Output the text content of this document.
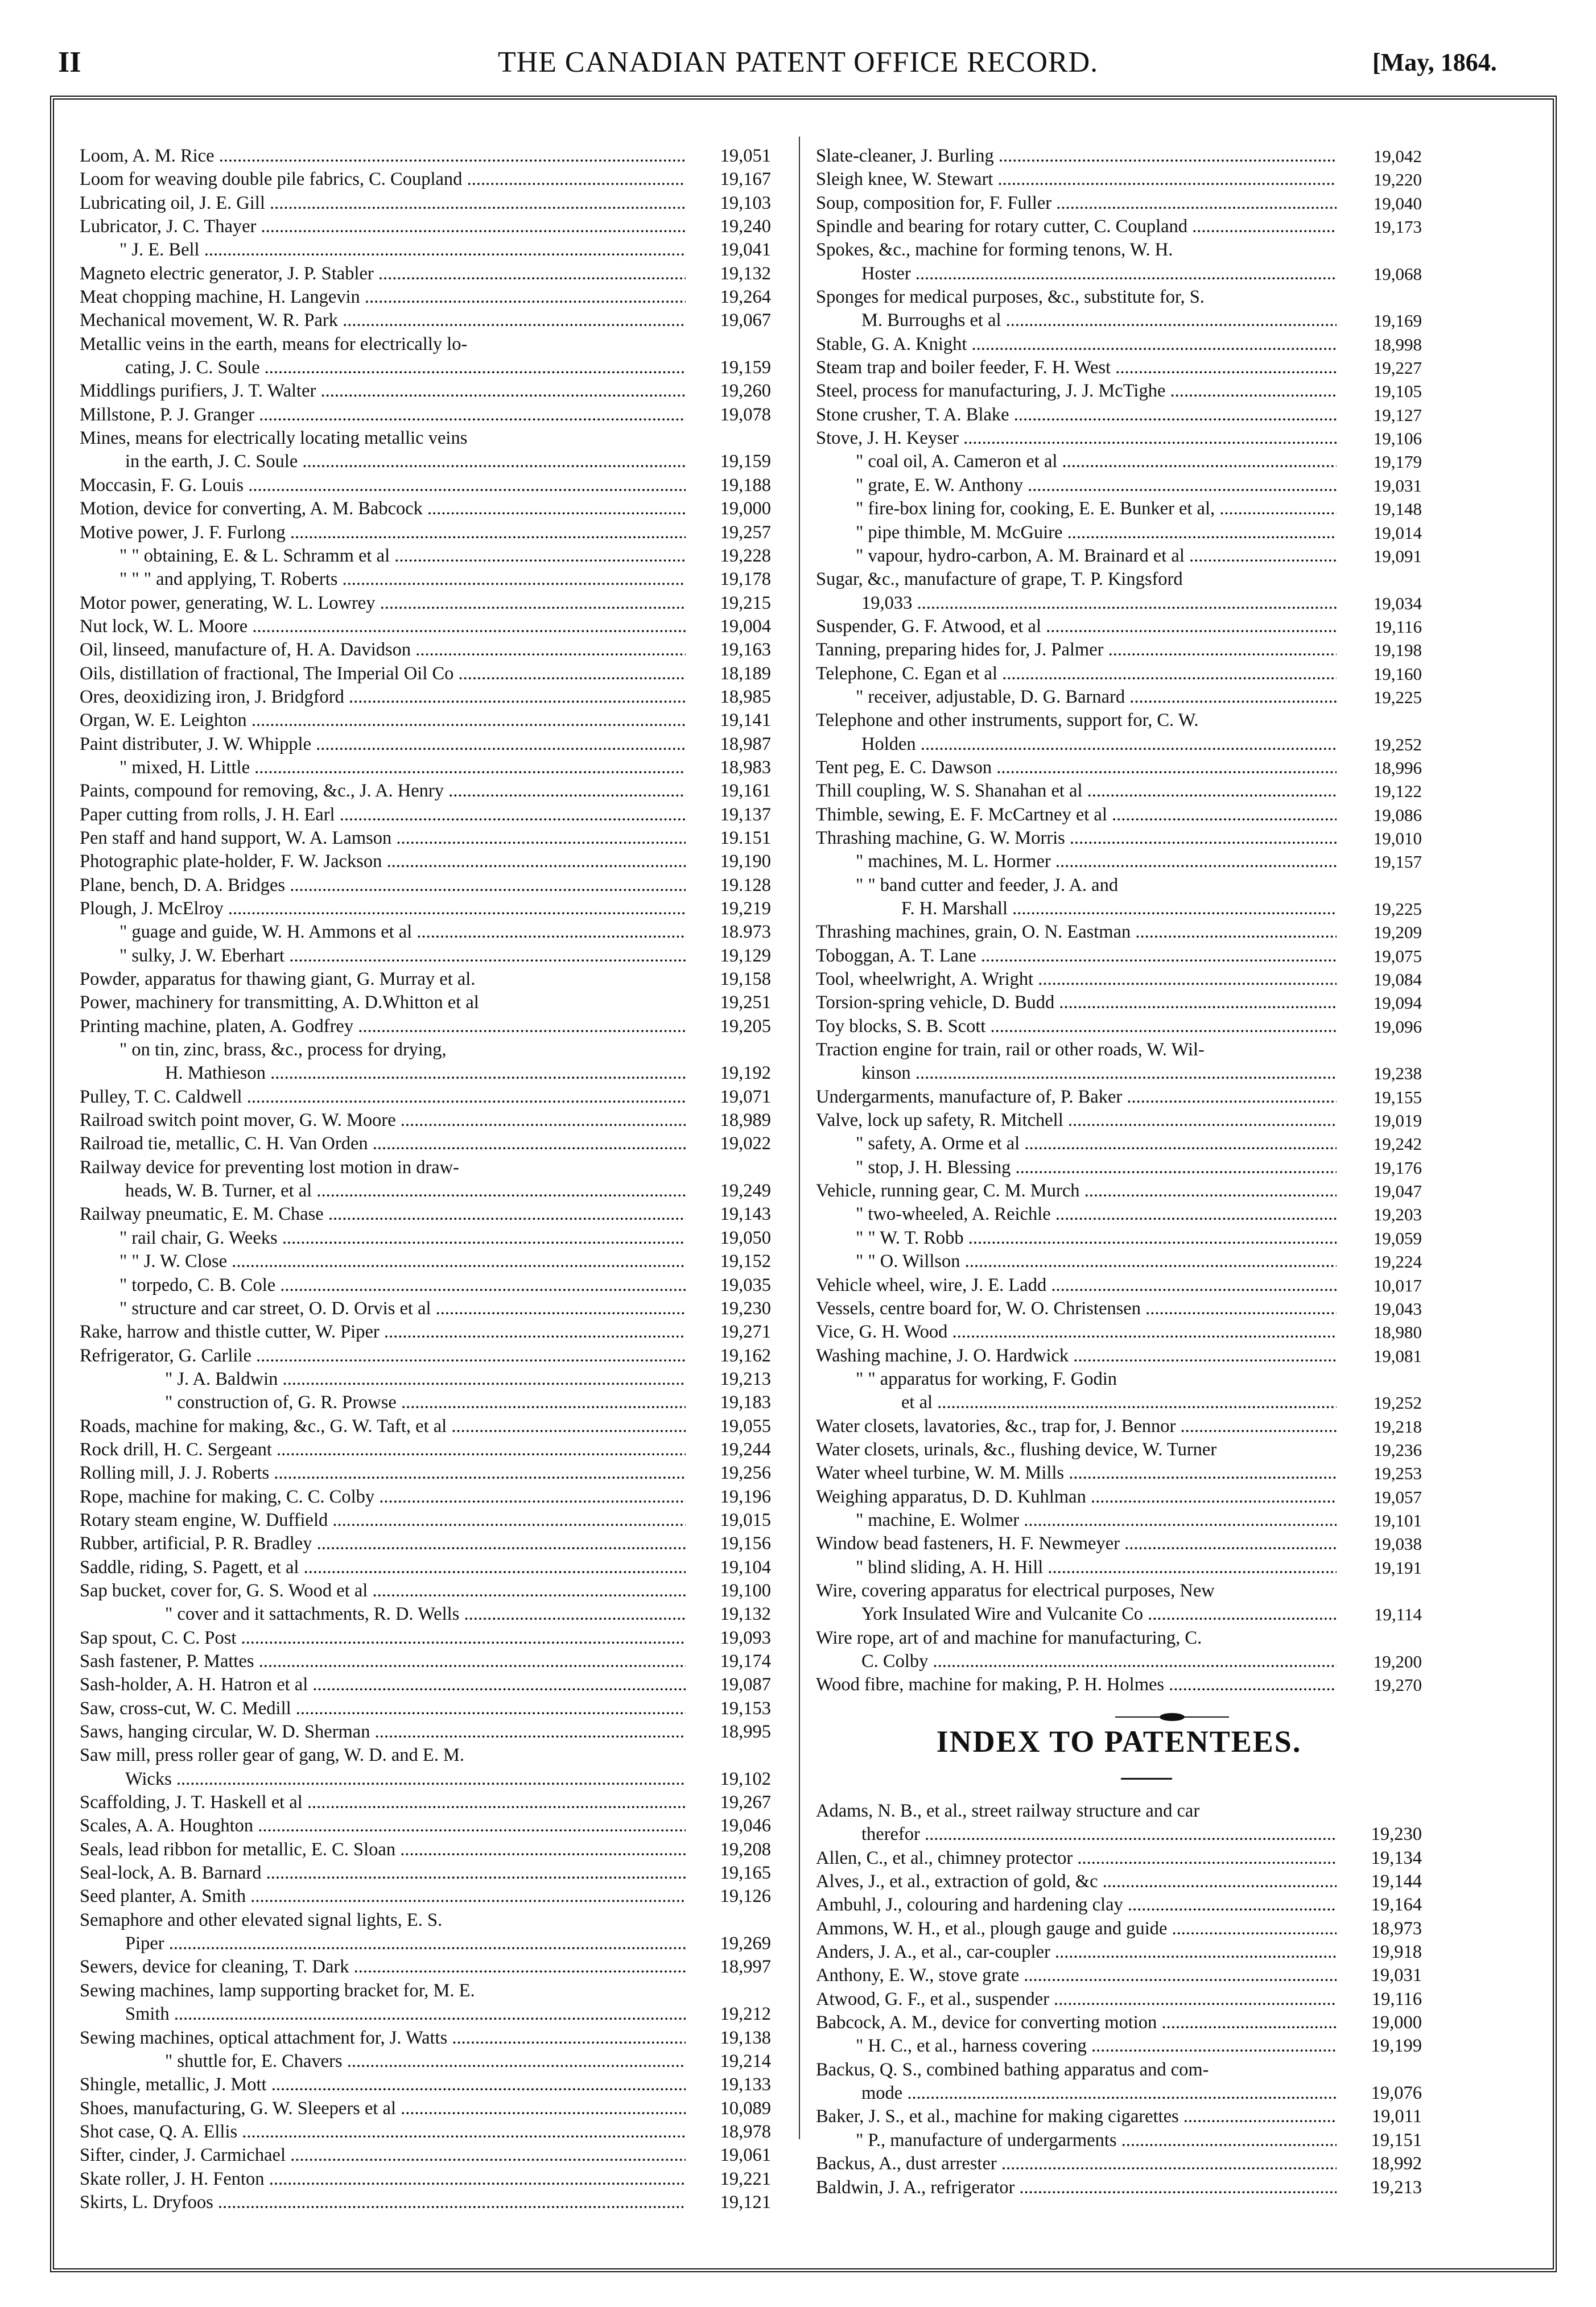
II	THE CANADIAN PATENT OFFICE RECORD.	[May, 1864.
Loom, A. M. Rice .....	19,051
Loom for weaving double pile fabrics, C. Coupland .....	19,167
Lubricating oil, J. E. Gill .....	19,103
Lubricator, J. C. Thayer .....	19,240
" J. E. Bell .....	19,041
Magneto electric generator, J. P. Stabler .....	19,132
Meat chopping machine, H. Langevin .....	19,264
Mechanical movement, W. R. Park .....	19,067
Metallic veins in the earth, means for electrically lo-
cating, J. C. Soule .....	19,159
Middlings purifiers, J. T. Walter .....	19,260
Millstone, P. J. Granger .....	19,078
Mines, means for electrically locating metallic veins
in the earth, J. C. Soule .....	19,159
Moccasin, F. G. Louis .....	19,188
Motion, device for converting, A. M. Babcock .....	19,000
Motive power, J. F. Furlong .....	19,257
" " obtaining, E. & L. Schramm et al .....	19,228
" " " and applying, T. Roberts .....	19,178
Motor power, generating, W. L. Lowrey .....	19,215
Nut lock, W. L. Moore .....	19,004
Oil, linseed, manufacture of, H. A. Davidson .....	19,163
Oils, distillation of fractional, The Imperial Oil Co .....	18,189
Ores, deoxidizing iron, J. Bridgford .....	18,985
Organ, W. E. Leighton .....	19,141
Paint distributer, J. W. Whipple .....	18,987
" mixed, H. Little .....	18,983
Paints, compound for removing, &c., J. A. Henry .....	19,161
Paper cutting from rolls, J. H. Earl .....	19,137
Pen staff and hand support, W. A. Lamson .....	19.151
Photographic plate-holder, F. W. Jackson .....	19,190
Plane, bench, D. A. Bridges .....	19.128
Plough, J. McElroy .....	19,219
" guage and guide, W. H. Ammons et al .....	18.973
" sulky, J. W. Eberhart .....	19,129
Powder, apparatus for thawing giant, G. Murray et al.	19,158
Power, machinery for transmitting, A. D.Whitton et al	19,251
Printing machine, platen, A. Godfrey .....	19,205
" on tin, zinc, brass, &c., process for drying,
H. Mathieson .....	19,192
Pulley, T. C. Caldwell .....	19,071
Railroad switch point mover, G. W. Moore .....	18,989
Railroad tie, metallic, C. H. Van Orden .....	19,022
Railway device for preventing lost motion in draw-
heads, W. B. Turner, et al .....	19,249
Railway pneumatic, E. M. Chase .....	19,143
" rail chair, G. Weeks .....	19,050
" " J. W. Close .....	19,152
" torpedo, C. B. Cole .....	19,035
" structure and car street, O. D. Orvis et al .....	19,230
Rake, harrow and thistle cutter, W. Piper .....	19,271
Refrigerator, G. Carlile .....	19,162
" J. A. Baldwin .....	19,213
" construction of, G. R. Prowse .....	19,183
Roads, machine for making, &c., G. W. Taft, et al .....	19,055
Rock drill, H. C. Sergeant .....	19,244
Rolling mill, J. J. Roberts .....	19,256
Rope, machine for making, C. C. Colby .....	19,196
Rotary steam engine, W. Duffield .....	19,015
Rubber, artificial, P. R. Bradley .....	19,156
Saddle, riding, S. Pagett, et al .....	19,104
Sap bucket, cover for, G. S. Wood et al .....	19,100
" cover and it sattachments, R. D. Wells .....	19,132
Sap spout, C. C. Post .....	19,093
Sash fastener, P. Mattes .....	19,174
Sash-holder, A. H. Hatron et al .....	19,087
Saw, cross-cut, W. C. Medill .....	19,153
Saws, hanging circular, W. D. Sherman .....	18,995
Saw mill, press roller gear of gang, W. D. and E. M.
Wicks .....	19,102
Scaffolding, J. T. Haskell et al .....	19,267
Scales, A. A. Houghton .....	19,046
Seals, lead ribbon for metallic, E. C. Sloan .....	19,208
Seal-lock, A. B. Barnard .....	19,165
Seed planter, A. Smith .....	19,126
Semaphore and other elevated signal lights, E. S.
Piper .....	19,269
Sewers, device for cleaning, T. Dark .....	18,997
Sewing machines, lamp supporting bracket for, M. E.
Smith .....	19,212
Sewing machines, optical attachment for, J. Watts .....	19,138
" shuttle for, E. Chavers .....	19,214
Shingle, metallic, J. Mott .....	19,133
Shoes, manufacturing, G. W. Sleepers et al .....	10,089
Shot case, Q. A. Ellis .....	18,978
Sifter, cinder, J. Carmichael .....	19,061
Skate roller, J. H. Fenton .....	19,221
Skirts, L. Dryfoos .....	19,121
Slate-cleaner, J. Burling .....	19,042
Sleigh knee, W. Stewart .....	19,220
Soup, composition for, F. Fuller .....	19,040
Spindle and bearing for rotary cutter, C. Coupland .....	19,173
Spokes, &c., machine for forming tenons, W. H.
Hoster .....	19,068
Sponges for medical purposes, &c., substitute for, S.
M. Burroughs et al .....	19,169
Stable, G. A. Knight .....	18,998
Steam trap and boiler feeder, F. H. West .....	19,227
Steel, process for manufacturing, J. J. McTighe .....	19,105
Stone crusher, T. A. Blake .....	19,127
Stove, J. H. Keyser .....	19,106
" coal oil, A. Cameron et al .....	19,179
" grate, E. W. Anthony .....	19,031
" fire-box lining for, cooking, E. E. Bunker et al, .....	19,148
" pipe thimble, M. McGuire .....	19,014
" vapour, hydro-carbon, A. M. Brainard et al .....	19,091
Sugar, &c., manufacture of grape, T. P. Kingsford
19,033 .....	19,034
Suspender, G. F. Atwood, et al .....	19,116
Tanning, preparing hides for, J. Palmer .....	19,198
Telephone, C. Egan et al .....	19,160
" receiver, adjustable, D. G. Barnard .....	19,225
Telephone and other instruments, support for, C. W.
Holden .....	19,252
Tent peg, E. C. Dawson .....	18,996
Thill coupling, W. S. Shanahan et al .....	19,122
Thimble, sewing, E. F. McCartney et al .....	19,086
Thrashing machine, G. W. Morris .....	19,010
" machines, M. L. Hormer .....	19,157
" " band cutter and feeder, J. A. and
F. H. Marshall .....	19,225
Thrashing machines, grain, O. N. Eastman .....	19,209
Toboggan, A. T. Lane .....	19,075
Tool, wheelwright, A. Wright .....	19,084
Torsion-spring vehicle, D. Budd .....	19,094
Toy blocks, S. B. Scott .....	19,096
Traction engine for train, rail or other roads, W. Wil-
kinson .....	19,238
Undergarments, manufacture of, P. Baker .....	19,155
Valve, lock up safety, R. Mitchell .....	19,019
" safety, A. Orme et al .....	19,242
" stop, J. H. Blessing .....	19,176
Vehicle, running gear, C. M. Murch .....	19,047
" two-wheeled, A. Reichle .....	19,203
" " W. T. Robb .....	19,059
" " O. Willson .....	19,224
Vehicle wheel, wire, J. E. Ladd .....	10,017
Vessels, centre board for, W. O. Christensen .....	19,043
Vice, G. H. Wood .....	18,980
Washing machine, J. O. Hardwick .....	19,081
" " apparatus for working, F. Godin
et al .....	19,252
Water closets, lavatories, &c., trap for, J. Bennor .....	19,218
Water closets, urinals, &c., flushing device, W. Turner	19,236
Water wheel turbine, W. M. Mills .....	19,253
Weighing apparatus, D. D. Kuhlman .....	19,057
" machine, E. Wolmer .....	19,101
Window bead fasteners, H. F. Newmeyer .....	19,038
" blind sliding, A. H. Hill .....	19,191
Wire, covering apparatus for electrical purposes, New
York Insulated Wire and Vulcanite Co .....	19,114
Wire rope, art of and machine for manufacturing, C.
C. Colby .....	19,200
Wood fibre, machine for making, P. H. Holmes .....	19,270
INDEX TO PATENTEES.
Adams, N. B., et al., street railway structure and car
therefor .....	19,230
Allen, C., et al., chimney protector .....	19,134
Alves, J., et al., extraction of gold, &c .....	19,144
Ambuhl, J., colouring and hardening clay .....	19,164
Ammons, W. H., et al., plough gauge and guide .....	18,973
Anders, J. A., et al., car-coupler .....	19,918
Anthony, E. W., stove grate .....	19,031
Atwood, G. F., et al., suspender .....	19,116
Babcock, A. M., device for converting motion .....	19,000
" H. C., et al., harness covering .....	19,199
Backus, Q. S., combined bathing apparatus and com-
mode .....	19,076
Baker, J. S., et al., machine for making cigarettes .....	19,011
" P., manufacture of undergarments .....	19,151
Backus, A., dust arrester .....	18,992
Baldwin, J. A., refrigerator .....	19,213
